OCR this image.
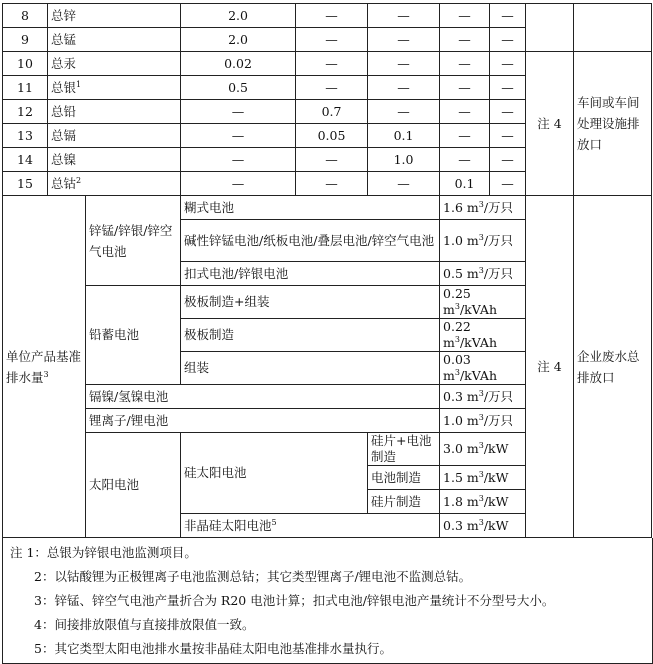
8	总锌		2.0	—	—	—	—		
9	总锰		2.0	—	—	—	—		
10	总汞		0.02	—	—	—	—	注 4	车间或车间处理设施排放口
11	总银$^1$		0.5	—	—	—	—		
12	总铅		—	0.7	—	—	—		
13	总镉		—	0.05	0.1	—	—		
14	总镍		—	—	1.0	—	—		
15	总钴$^2$		—	—	—	0.1	—		
单位产品基准排水量$^3$		锌锰/锌银/锌空气电池	糊式电池			1.6 $m^3/$万只		注 4	企业废水总排放口
			碱性锌锰电池/纸板电池/叠层电池/锌空气电池			1.0 $m^3/$万只			
			扣式电池/锌银电池			0.5 $m^3/$万只			
		铅蓄电池	极板制造+组装			0.25 $m^3$/kVAh			
			极板制造			0.22 $m^3$/kVAh			
			组装			0.03 $m^3$/kVAh			
		镉镍/氢镍电池				0.3 $m^3/$万只			
		锂离子/锂电池				1.0 $m^3/$万只			
		太阳电池	硅太阳电池		硅片+电池制造	3.0 $m^3/kW$			
					电池制造	1.5 $m^3/kW$			
					硅片制造	1.8 $m^3/kW$			
			非晶硅太阳电池$^5$			0.3 $m^3/kW$			
注 1：总银为锌银电池监测项目。
2：以钴酸锂为正极锂离子电池监测总钴；其它类型锂离子/锂电池不监测总钴。
3：锌锰、锌空气电池产量折合为 R20 电池计算；扣式电池/锌银电池产量统计不分型号大小。
4：间接排放限值与直接排放限值一致。
5：其它类型太阳电池排水量按非晶硅太阳电池基准排水量执行。
